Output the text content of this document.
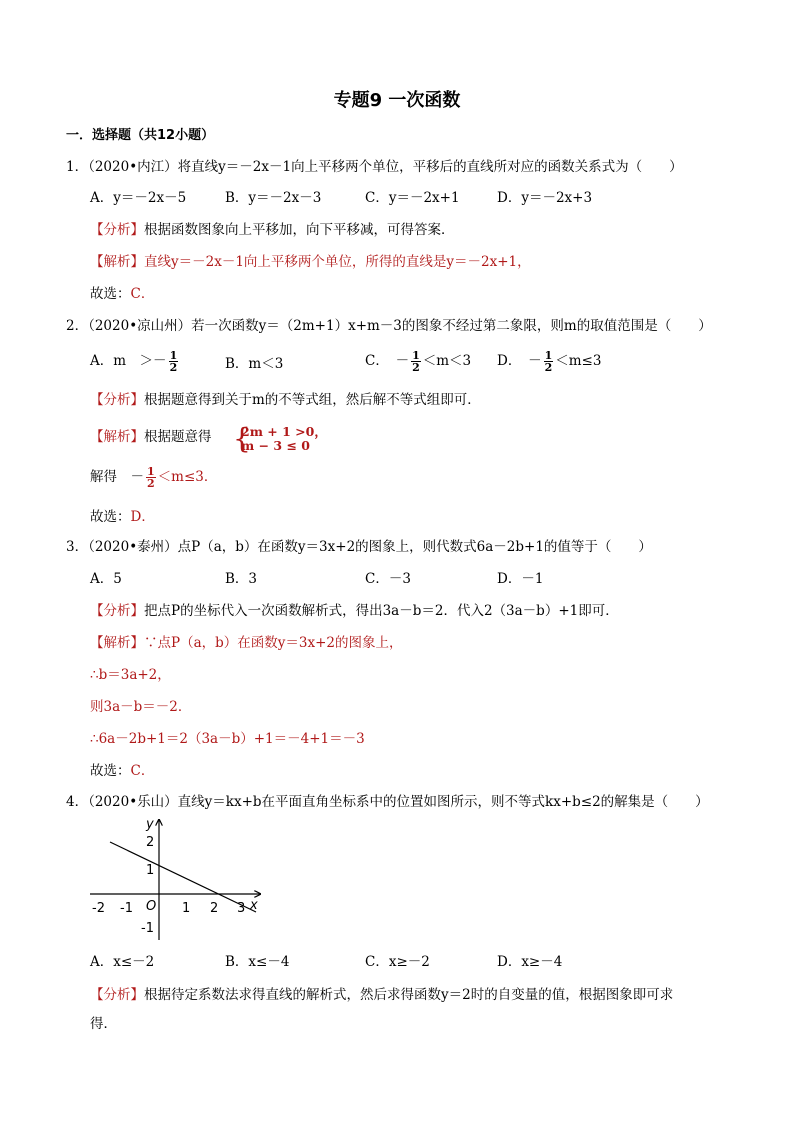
专题9 一次函数
一．选择题（共12小题）
1．（2020•内江）将直线y＝－2x－1向上平移两个单位，平移后的直线所对应的函数关系式为（　　）
A．y＝－2x－5	B．y＝－2x－3	C．y＝－2x+1	D．y＝－2x+3
【分析】根据函数图象向上平移加，向下平移减，可得答案．
【解析】直线y＝－2x－1向上平移两个单位，所得的直线是y＝－2x+1，
故选：C．
2．（2020•凉山州）若一次函数y＝（2m+1）x+m－3的图象不经过第二象限，则m的取值范围是（　　）
A．m　＞－ $\frac{1}{2}$	B．m＜3	C．　－ $\frac{1}{2} <m<3$ D．　－ $\frac{1}{2} <m\le 3$
【分析】根据题意得到关于m的不等式组，然后解不等式组即可．
【解析】根据题意得 {
2m + 1 >0，
m − 3 ≤ 0
解得　－ $\frac{1}{2} <m\le 3$．
故选：D．
3．（2020•泰州）点P（a，b）在函数y＝3x+2的图象上，则代数式6a－2b+1的值等于（　　）
A．5	B．3	C．－3	D．－1
【分析】把点P的坐标代入一次函数解析式，得出3a－b＝2．代入2（3a－b）+1即可．
【解析】∵点P（a，b）在函数y＝3x+2的图象上，
∴b＝3a+2，
则3a－b＝－2．
∴6a－2b+1＝2（3a－b）+1＝－4+1＝－3
故选：C．
4．（2020•乐山）直线y＝kx+b在平面直角坐标系中的位置如图所示，则不等式kx+b≤2的解集是（　　）
-2 -1 O 1 2 3 x
2
1
-1
y
A．x≤－2	B．x≤－4	C．x≥－2	D．x≥－4
【分析】根据待定系数法求得直线的解析式，然后求得函数y＝2时的自变量的值，根据图象即可求
得．
